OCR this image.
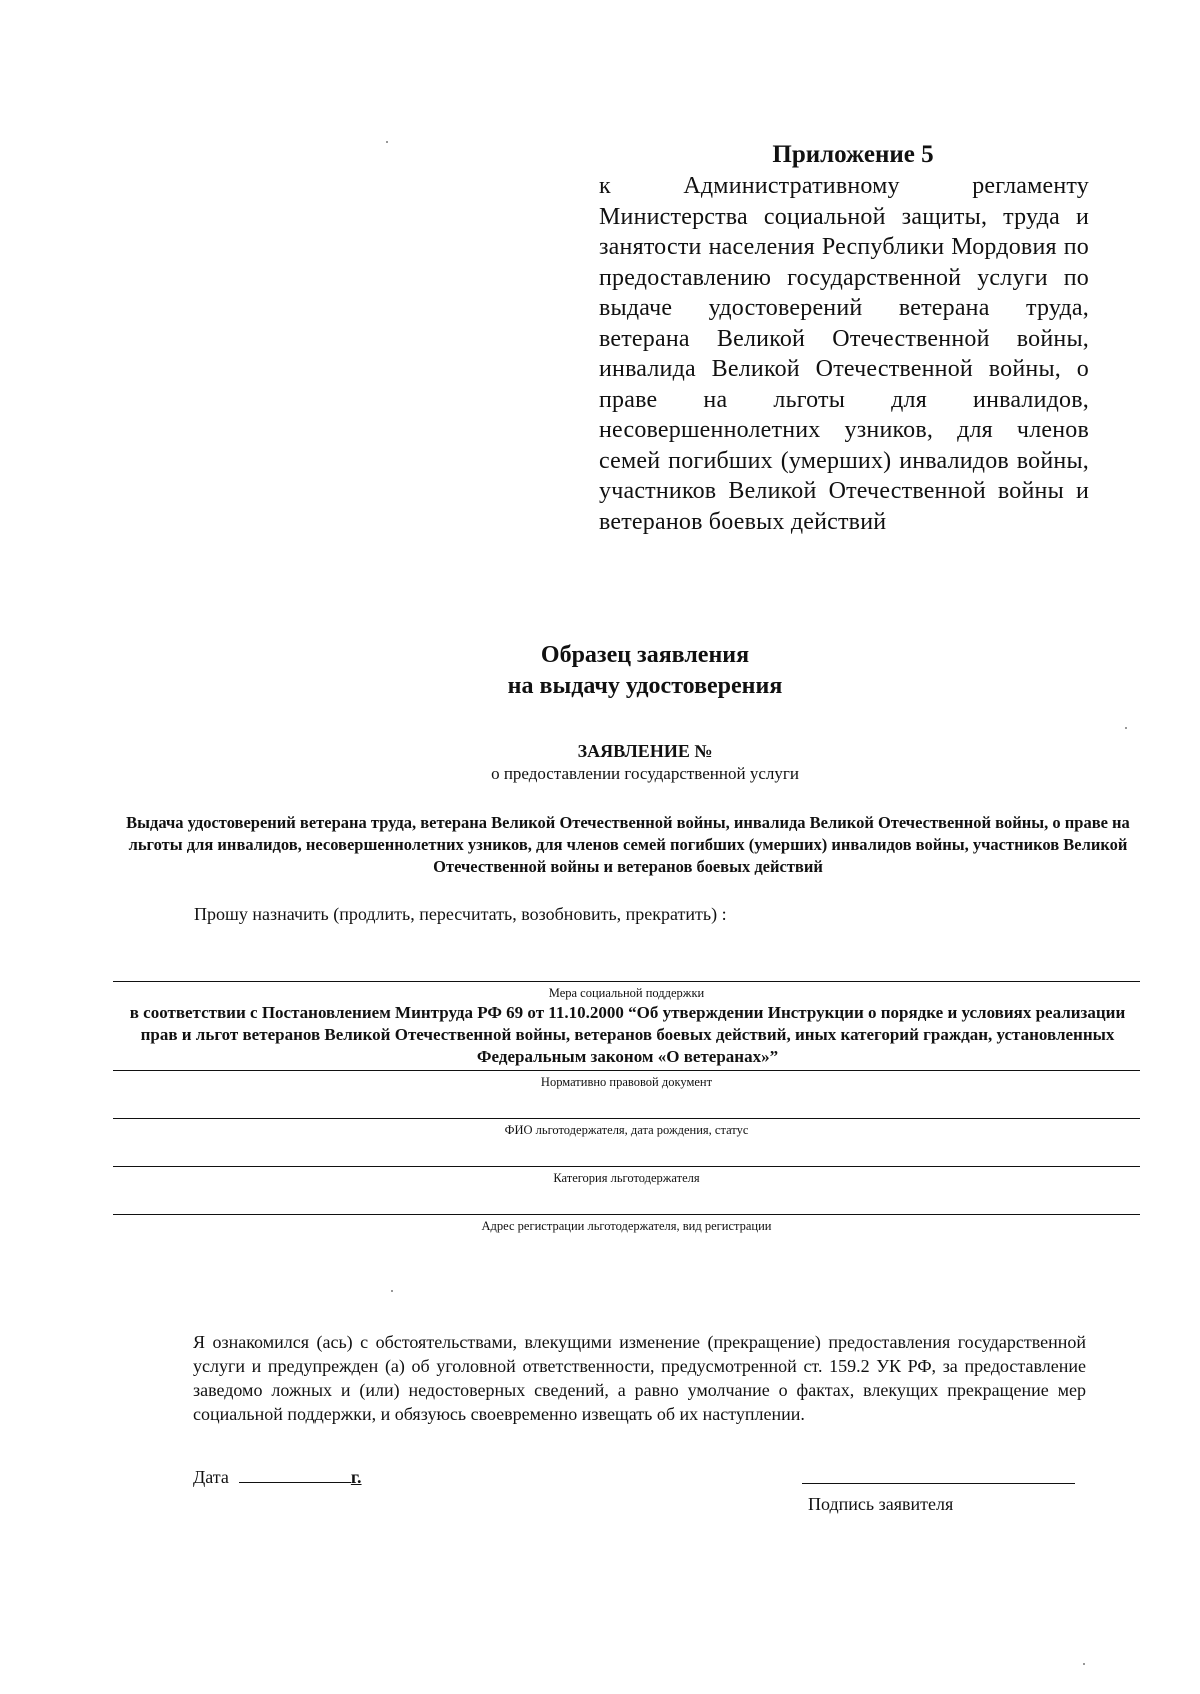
Приложение 5
к Административному регламенту Министерства социальной защиты, труда и занятости населения Республики Мордовия по предоставлению государственной услуги по выдаче удостоверений ветерана труда, ветерана Великой Отечественной войны, инвалида Великой Отечественной войны, о праве на льготы для инвалидов, несовершеннолетних узников, для членов семей погибших (умерших) инвалидов войны, участников Великой Отечественной войны и ветеранов боевых действий
Образец заявления
на выдачу удостоверения
ЗАЯВЛЕНИЕ №
о предоставлении государственной услуги
Выдача удостоверений ветерана труда, ветерана Великой Отечественной войны, инвалида Великой Отечественной войны, о праве на льготы для инвалидов, несовершеннолетних узников, для членов семей погибших (умерших) инвалидов войны, участников Великой Отечественной войны и ветеранов боевых действий
Прошу назначить (продлить, пересчитать, возобновить, прекратить) :
Мера социальной поддержки
в соответствии с Постановлением Минтруда РФ 69 от 11.10.2000 “Об утверждении Инструкции о порядке и условиях реализации прав и льгот ветеранов Великой Отечественной войны, ветеранов боевых действий, иных категорий граждан, установленных Федеральным законом «О ветеранах»”
Нормативно правовой документ
ФИО льготодержателя, дата рождения, статус
Категория льготодержателя
Адрес регистрации льготодержателя, вид регистрации
Я ознакомился (ась) с обстоятельствами, влекущими изменение (прекращение) предоставления государственной услуги и предупрежден (а) об уголовной ответственности, предусмотренной ст. 159.2 УК РФ, за предоставление заведомо ложных и (или) недостоверных сведений, а равно умолчание о фактах, влекущих прекращение мер социальной поддержки, и обязуюсь своевременно извещать об их наступлении.
Дата	г.
Подпись заявителя
